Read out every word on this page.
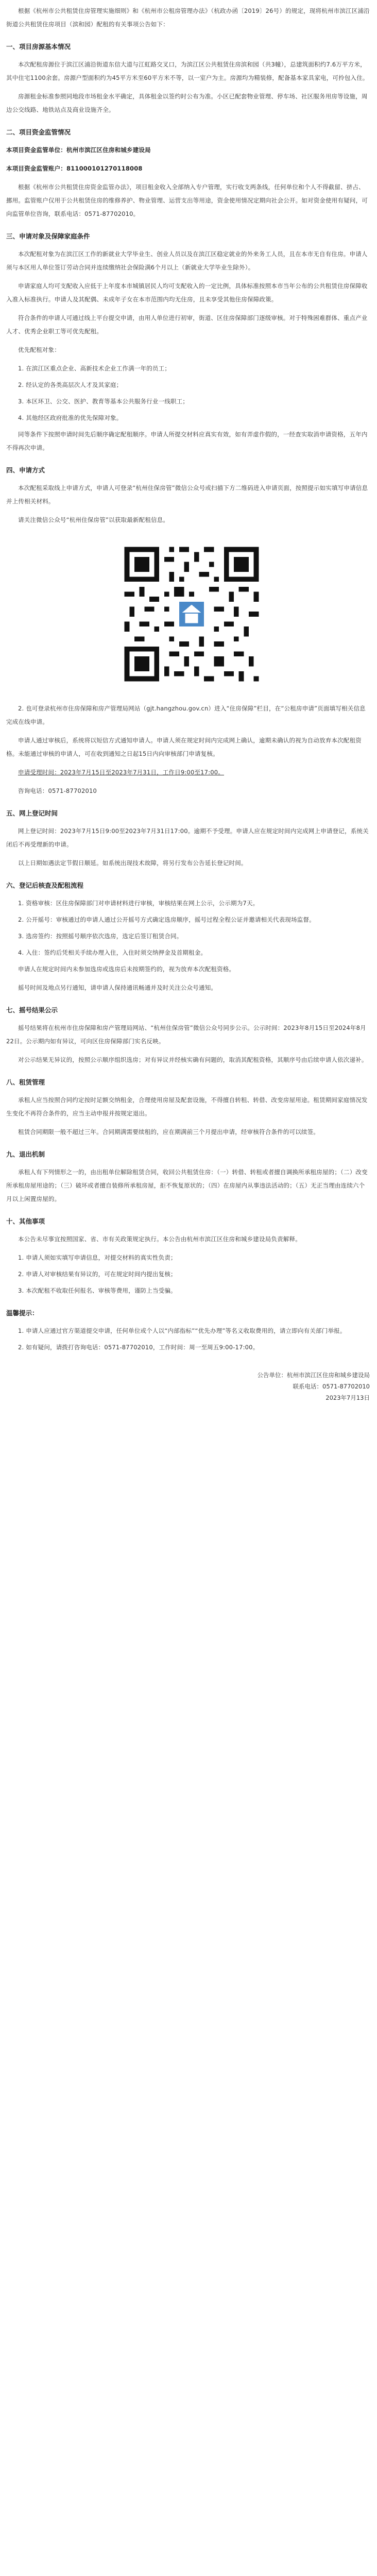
根据《杭州市公共租赁住房管理实施细则》和《杭州市公租房管理办法》（杭政办函〔2019〕26号）的规定，现将杭州市滨江区浦沿街道公共租赁住房项目（滨和园）配租的有关事项公告如下：

一、项目房源基本情况

本次配租房源位于滨江区浦沿街道东信大道与江虹路交叉口，为滨江区公共租赁住房滨和园（共3幢），总建筑面积约7.6万平方米，其中住宅1100余套。房源户型面积约为45平方米至60平方米不等，以一室户为主。房源均为精装修，配备基本家具家电，可拎包入住。

房源租金标准参照同地段市场租金水平确定，具体租金以签约时公布为准。小区已配套物业管理、停车场、社区服务用房等设施，周边公交线路、地铁站点及商业设施齐全。

二、项目资金监管情况

本项目资金监管单位：杭州市滨江区住房和城乡建设局

本项目资金监管账户：811000101270118008

根据《杭州市公共租赁住房资金监管办法》，项目租金收入全部纳入专户管理，实行收支两条线，任何单位和个人不得截留、挤占、挪用。监管账户仅用于公共租赁住房的维修养护、物业管理、运营支出等用途，资金使用情况定期向社会公开。如对资金使用有疑问，可向监管单位咨询，联系电话：0571-87702010。

三、申请对象及保障家庭条件

本次配租对象为在滨江区工作的新就业大学毕业生、创业人员以及在滨江区稳定就业的外来务工人员，且在本市无自有住房。申请人须与本区用人单位签订劳动合同并连续缴纳社会保险满6个月以上（新就业大学毕业生除外）。

申请家庭人均可支配收入应低于上年度本市城镇居民人均可支配收入的一定比例，具体标准按照本市当年公布的公共租赁住房保障收入准入标准执行。申请人及其配偶、未成年子女在本市范围内均无住房，且未享受其他住房保障政策。

符合条件的申请人可通过线上平台提交申请，由用人单位进行初审，街道、区住房保障部门逐级审核。对于特殊困难群体、重点产业人才、优秀企业职工等可优先配租。

优先配租对象：

1. 在滨江区重点企业、高新技术企业工作满一年的员工；

2. 经认定的各类高层次人才及其家庭；

3. 本区环卫、公交、医护、教育等基本公共服务行业一线职工；

4. 其他经区政府批准的优先保障对象。

同等条件下按照申请时间先后顺序确定配租顺序。申请人所提交材料应真实有效，如有弄虚作假的，一经查实取消申请资格，五年内不得再次申请。

四、申请方式

本次配租采取线上申请方式，申请人可登录“杭州住保房管”微信公众号或扫描下方二维码进入申请页面，按照提示如实填写申请信息并上传相关材料。

请关注微信公众号“杭州住保房管”以获取最新配租信息。

2. 也可登录杭州市住房保障和房产管理局网站（gjt.hangzhou.gov.cn）进入“住房保障”栏目，在“公租房申请”页面填写相关信息完成在线申请。

申请人通过审核后，系统将以短信方式通知申请人。申请人须在规定时间内完成网上确认，逾期未确认的视为自动放弃本次配租资格。未能通过审核的申请人，可在收到通知之日起15日内向审核部门申请复核。

申请受理时间：2023年7月15日至2023年7月31日，工作日9:00至17:00。

咨询电话：0571-87702010

五、网上登记时间

网上登记时间：2023年7月15日9:00至2023年7月31日17:00。逾期不予受理。申请人应在规定时间内完成网上申请登记，系统关闭后不再受理新的申请。

以上日期如遇法定节假日顺延。如系统出现技术故障，将另行发布公告延长登记时间。

六、登记后核查及配租流程

1. 资格审核：区住房保障部门对申请材料进行审核，审核结果在网上公示，公示期为7天。

2. 公开摇号：审核通过的申请人通过公开摇号方式确定选房顺序，摇号过程全程公证并邀请相关代表现场监督。

3. 选房签约：按照摇号顺序依次选房，选定后签订租赁合同。

4. 入住：签约后凭相关手续办理入住，入住时须交纳押金及首期租金。

申请人在规定时间内未参加选房或选房后未按期签约的，视为放弃本次配租资格。

摇号时间及地点另行通知，请申请人保持通讯畅通并及时关注公众号通知。

七、摇号结果公示

摇号结果将在杭州市住房保障和房产管理局网站、“杭州住保房管”微信公众号同步公示。公示时间：2023年8月15日至2024年8月22日。公示期内如有异议，可向区住房保障部门实名反映。

对公示结果无异议的，按照公示顺序组织选房；对有异议并经核实确有问题的，取消其配租资格，其顺序号由后续申请人依次递补。

八、租赁管理

承租人应当按照合同约定按时足额交纳租金，合理使用房屋及配套设施，不得擅自转租、转借、改变房屋用途。租赁期间家庭情况发生变化不再符合条件的，应当主动申报并按规定退出。

租赁合同期限一般不超过三年。合同期满需要续租的，应在期满前三个月提出申请，经审核符合条件的可以续签。

九、退出机制

承租人有下列情形之一的，由出租单位解除租赁合同，收回公共租赁住房：（一）转借、转租或者擅自调换所承租房屋的；（二）改变所承租房屋用途的；（三）破坏或者擅自装修所承租房屋，拒不恢复原状的；（四）在房屋内从事违法活动的；（五）无正当理由连续六个月以上闲置房屋的。

十、其他事项

本公告未尽事宜按照国家、省、市有关政策规定执行。本公告由杭州市滨江区住房和城乡建设局负责解释。

1. 申请人须如实填写申请信息，对提交材料的真实性负责；

2. 申请人对审核结果有异议的，可在规定时间内提出复核；

3. 本次配租不收取任何报名、审核等费用，谨防上当受骗。

温馨提示：

1. 申请人应通过官方渠道提交申请，任何单位或个人以“内部指标”“优先办理”等名义收取费用的，请立即向有关部门举报。

2. 如有疑问，请拨打咨询电话：0571-87702010，工作时间：周一至周五9:00-17:00。

公告单位：杭州市滨江区住房和城乡建设局
联系电话：0571-87702010
2023年7月13日
